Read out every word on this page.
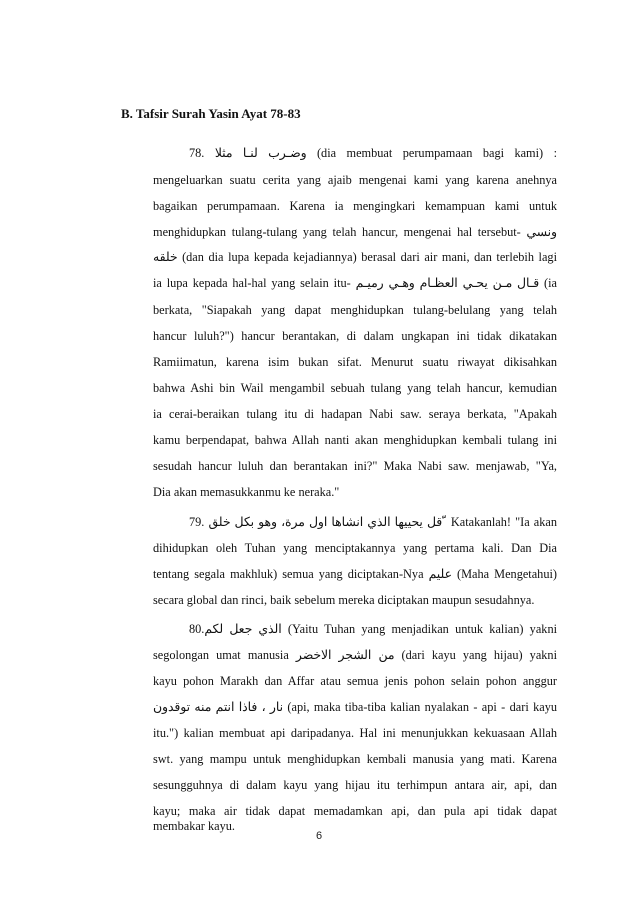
B. Tafsir Surah Yasin Ayat 78-83
78. وضـرب لنـا مثلا (dia membuat perumpamaan bagi kami) :
mengeluarkan suatu cerita yang ajaib mengenai kami yang karena anehnya
bagaikan perumpamaan. Karena ia mengingkari kemampuan kami untuk
menghidupkan tulang-tulang yang telah hancur, mengenai hal tersebut- ونسي
خلقه (dan dia lupa kepada kejadiannya) berasal dari air mani, dan terlebih lagi
ia lupa kepada hal-hal yang selain itu- قـال مـن يحـي العظـام وهـي رميـم (ia
berkata, "Siapakah yang dapat menghidupkan tulang-belulang yang telah
hancur luluh?") hancur berantakan, di dalam ungkapan ini tidak dikatakan
Ramiimatun, karena isim bukan sifat. Menurut suatu riwayat dikisahkan
bahwa Ashi bin Wail mengambil sebuah tulang yang telah hancur, kemudian
ia cerai-beraikan tulang itu di hadapan Nabi saw. seraya berkata, "Apakah
kamu berpendapat, bahwa Allah nanti akan menghidupkan kembali tulang ini
sesudah hancur luluh dan berantakan ini?" Maka Nabi saw. menjawab, "Ya,
Dia akan memasukkanmu ke neraka."
79. قل يحييها الذي انشاها اول مرة، وهو بكل خلق ّ Katakanlah! "Ia akan
dihidupkan oleh Tuhan yang menciptakannya yang pertama kali. Dan Dia
tentang segala makhluk) semua yang diciptakan-Nya عليم (Maha Mengetahui)
secara global dan rinci, baik sebelum mereka diciptakan maupun sesudahnya.
80.الذي جعل لكم (Yaitu Tuhan yang menjadikan untuk kalian) yakni
segolongan umat manusia من الشجر الاخضر (dari kayu yang hijau) yakni
kayu pohon Marakh dan Affar atau semua jenis pohon selain pohon anggur
نار ، فاذا انتم منه توقدون (api, maka tiba-tiba kalian nyalakan - api - dari kayu
itu.") kalian membuat api daripadanya. Hal ini menunjukkan kekuasaan Allah
swt. yang mampu untuk menghidupkan kembali manusia yang mati. Karena
sesungguhnya di dalam kayu yang hijau itu terhimpun antara air, api, dan
kayu; maka air tidak dapat memadamkan api, dan pula api tidak dapat
membakar kayu.
6
